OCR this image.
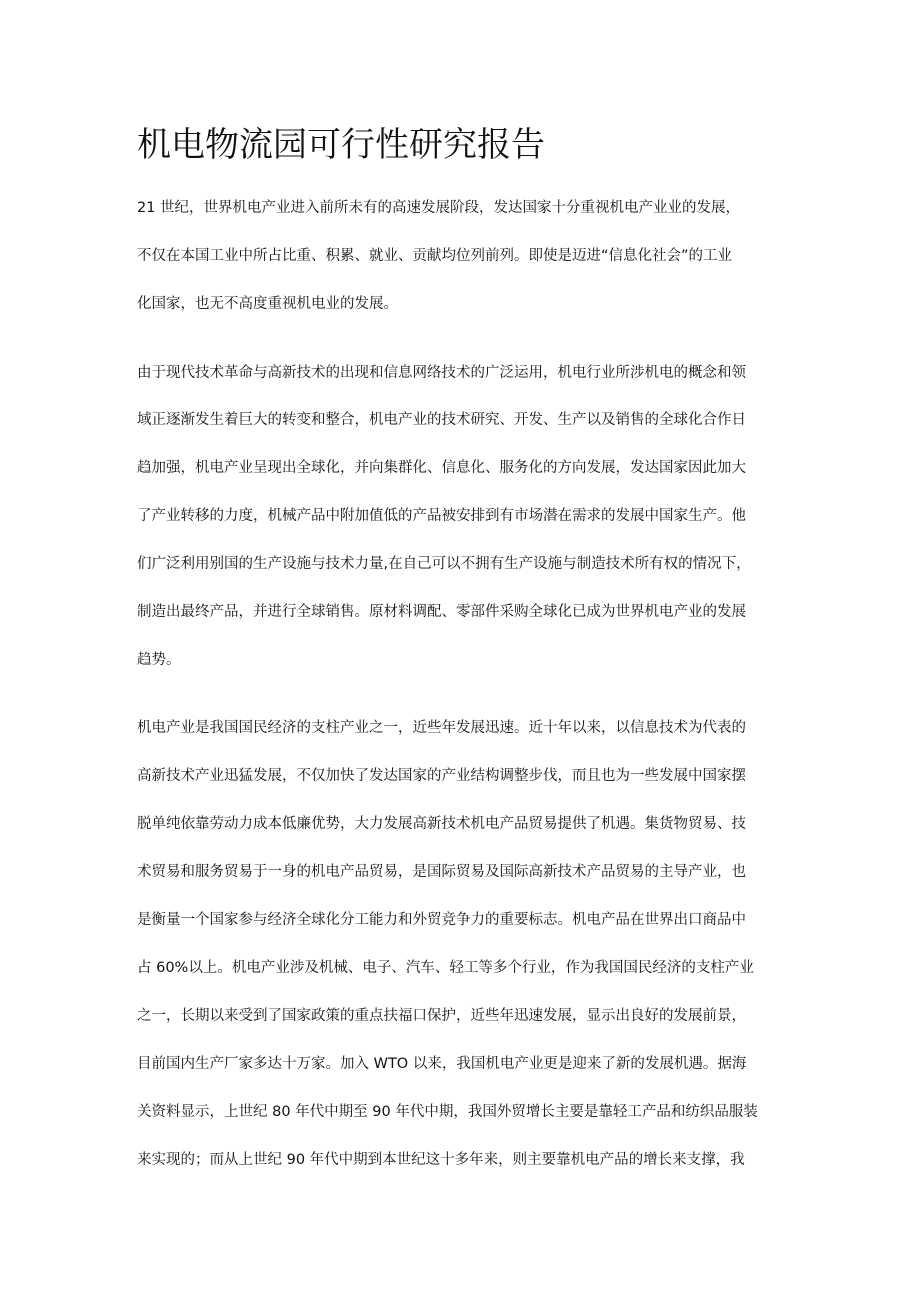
机电物流园可行性研究报告

21 世纪，世界机电产业进入前所未有的高速发展阶段，发达国家十分重视机电产业业的发展，

不仅在本国工业中所占比重、积累、就业、贡献均位列前列。即使是迈进“信息化社会”的工业

化国家，也无不高度重视机电业的发展。

由于现代技术革命与高新技术的出现和信息网络技术的广泛运用，机电行业所涉机电的概念和领

域正逐渐发生着巨大的转变和整合，机电产业的技术研究、开发、生产以及销售的全球化合作日

趋加强，机电产业呈现出全球化，并向集群化、信息化、服务化的方向发展，发达国家因此加大

了产业转移的力度，机械产品中附加值低的产品被安排到有市场潜在需求的发展中国家生产。他

们广泛利用别国的生产设施与技术力量,在自己可以不拥有生产设施与制造技术所有权的情况下，

制造出最终产品，并进行全球销售。原材料调配、零部件采购全球化已成为世界机电产业的发展

趋势。

机电产业是我国国民经济的支柱产业之一，近些年发展迅速。近十年以来，以信息技术为代表的

高新技术产业迅猛发展，不仅加快了发达国家的产业结构调整步伐，而且也为一些发展中国家摆

脱单纯依靠劳动力成本低廉优势，大力发展高新技术机电产品贸易提供了机遇。集货物贸易、技

术贸易和服务贸易于一身的机电产品贸易，是国际贸易及国际高新技术产品贸易的主导产业，也

是衡量一个国家参与经济全球化分工能力和外贸竞争力的重要标志。机电产品在世界出口商品中

占 60%以上。机电产业涉及机械、电子、汽车、轻工等多个行业，作为我国国民经济的支柱产业

之一，长期以来受到了国家政策的重点扶福口保护，近些年迅速发展，显示出良好的发展前景，

目前国内生产厂家多达十万家。加入 WTO 以来，我国机电产业更是迎来了新的发展机遇。据海

关资料显示，上世纪 80 年代中期至 90 年代中期，我国外贸增长主要是靠轻工产品和纺织品服装

来实现的；而从上世纪 90 年代中期到本世纪这十多年来，则主要靠机电产品的增长来支撑，我
